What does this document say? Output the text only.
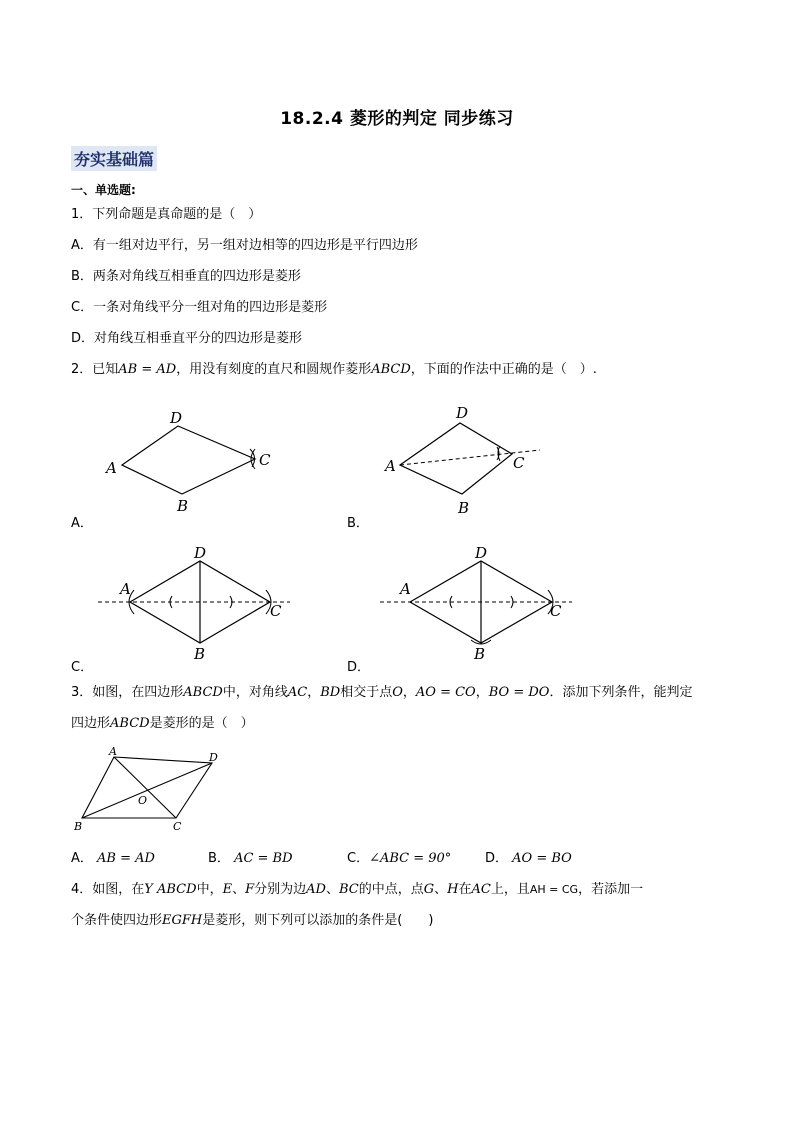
18.2.4 菱形的判定 同步练习
夯实基础篇
一、单选题:
1．下列命题是真命题的是（　）
A．有一组对边平行，另一组对边相等的四边形是平行四边形
B．两条对角线互相垂直的四边形是菱形
C．一条对角线平分一组对角的四边形是菱形
D．对角线互相垂直平分的四边形是菱形
2．已知AB = AD，用没有刻度的直尺和圆规作菱形ABCD，下面的作法中正确的是（　）.
A
D
C
B
A．
A
D
C
B
B．
A
D
C
B
C．
A
D
C
B
D．
3．如图，在四边形ABCD中，对角线AC，BD相交于点O，AO = CO，BO = DO．添加下列条件，能判定
四边形ABCD是菱形的是（　）
A	D
B	C
O
A． AB = AD	B． AC = BD	C．∠ABC = 90°	D． AO = BO
4．如图，在Y ABCD中，E、F分别为边AD、BC的中点，点G、H在AC上，且AH = CG，若添加一
个条件使四边形EGFH是菱形，则下列可以添加的条件是(　　)
